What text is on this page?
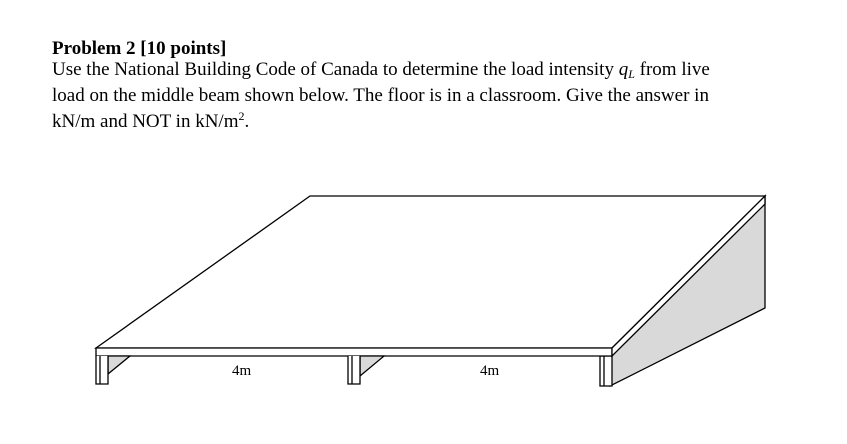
Problem 2 [10 points]

Use the National Building Code of Canada to determine the load intensity qL from live
load on the middle beam shown below. The floor is in a classroom. Give the answer in
kN/m and NOT in $kN/m^2$.

4m	4m
